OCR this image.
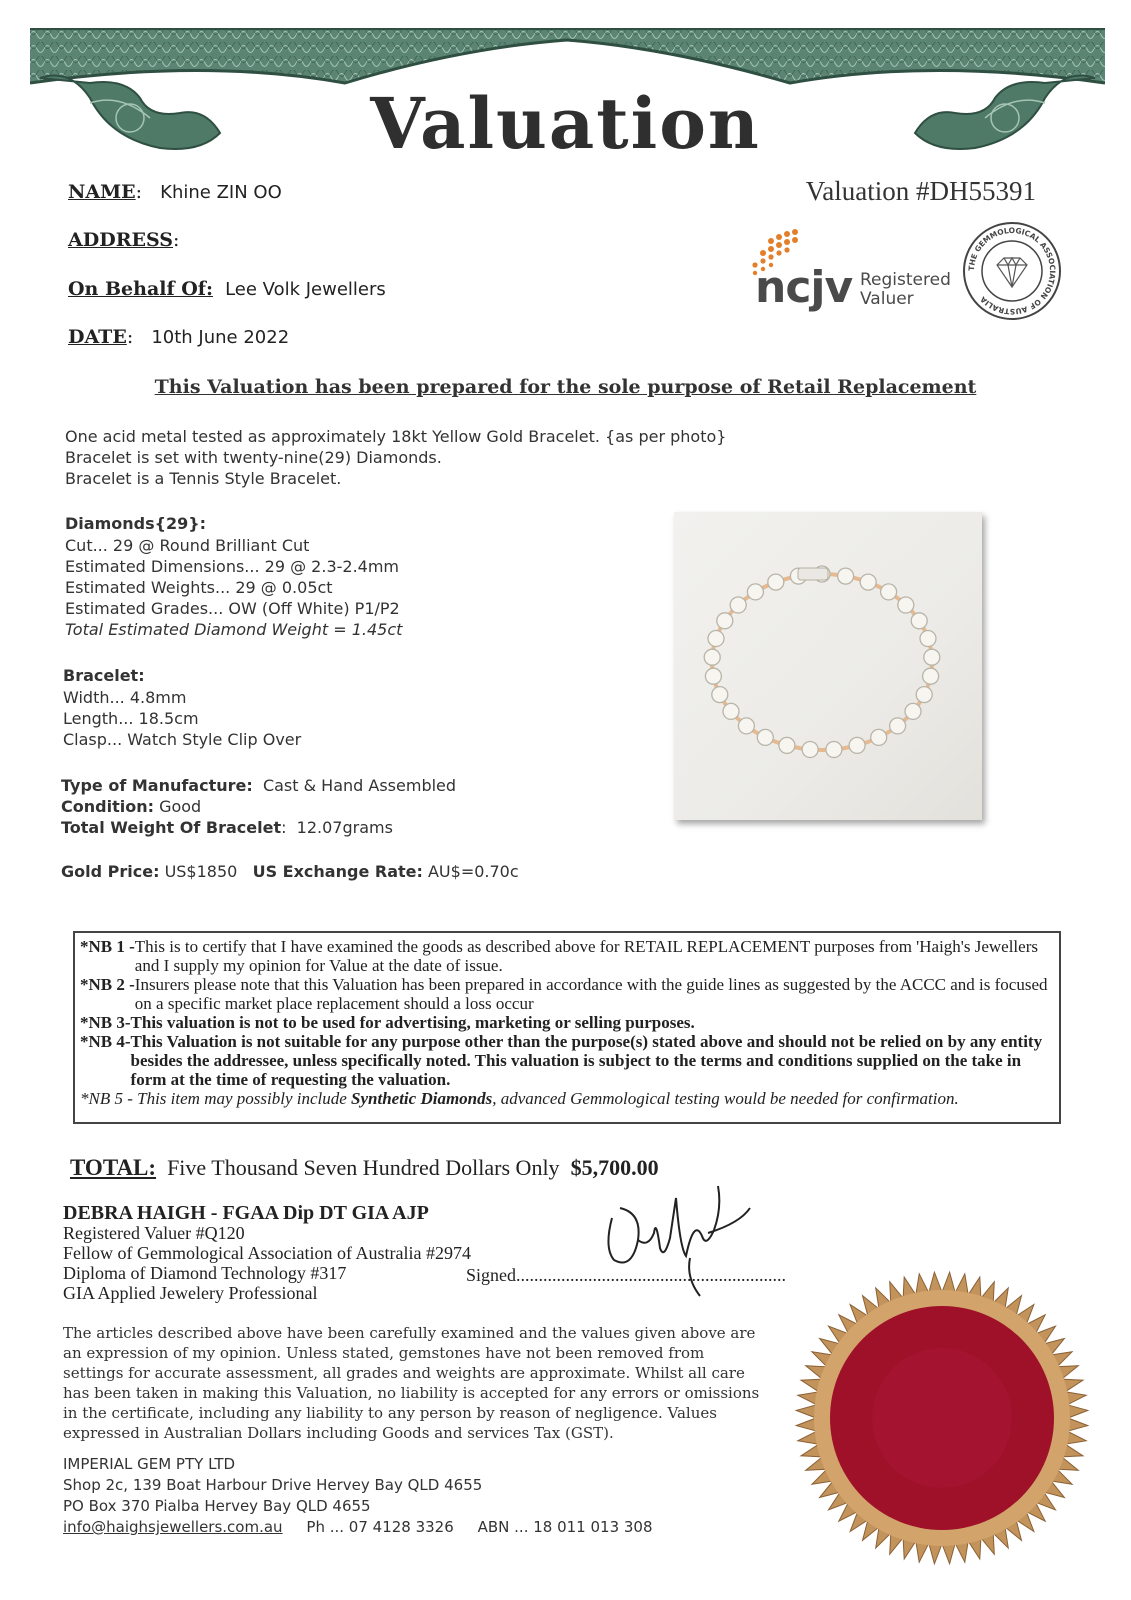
Valuation
NAME:   Khine ZIN OO
ADDRESS:
On Behalf Of: Lee Volk Jewellers
DATE:   10th June 2022
Valuation #DH55391
ncjv Registered
Valuer
THE GEMMOLOGICAL ASSOCIATION OF AUSTRALIA
This Valuation has been prepared for the sole purpose of Retail Replacement
One acid metal tested as approximately 18kt Yellow Gold Bracelet. {as per photo}
Bracelet is set with twenty-nine(29) Diamonds.
Bracelet is a Tennis Style Bracelet.
Diamonds{29}:
Cut... 29 @ Round Brilliant Cut
Estimated Dimensions... 29 @ 2.3-2.4mm
Estimated Weights... 29 @ 0.05ct
Estimated Grades... OW (Off White) P1/P2
Total Estimated Diamond Weight = 1.45ct
Bracelet:
Width... 4.8mm
Length... 18.5cm
Clasp... Watch Style Clip Over
Type of Manufacture: Cast & Hand Assembled
Condition: Good
Total Weight Of Bracelet:  12.07grams
Gold Price: US$1850 US Exchange Rate: AU$=0.70c
*NB 1 - This is to certify that I have examined the goods as described above for RETAIL REPLACEMENT purposes from 'Haigh's Jewellers and I supply my opinion for Value at the date of issue.
*NB 2 - Insurers please note that this Valuation has been prepared in accordance with the guide lines as suggested by the ACCC and is focused on a specific market place replacement should a loss occur
*NB 3- This valuation is not to be used for advertising, marketing or selling purposes.
*NB 4- This Valuation is not suitable for any purpose other than the purpose(s) stated above and should not be relied on by any entity besides the addressee, unless specifically noted. This valuation is subject to the terms and conditions supplied on the take in form at the time of requesting the valuation.
*NB 5 - This item may possibly include Synthetic Diamonds, advanced Gemmological testing would be needed for confirmation.
TOTAL: Five Thousand Seven Hundred Dollars Only $5,700.00
DEBRA HAIGH - FGAA Dip DT GIA AJP
Registered Valuer #Q120
Fellow of Gemmological Association of Australia #2974
Diploma of Diamond Technology #317
GIA Applied Jewelery Professional
Signed............................................................
The articles described above have been carefully examined and the values given above are an expression of my opinion. Unless stated, gemstones have not been removed from settings for accurate assessment, all grades and weights are approximate. Whilst all care has been taken in making this Valuation, no liability is accepted for any errors or omissions in the certificate, including any liability to any person by reason of negligence. Values expressed in Australian Dollars including Goods and services Tax (GST).
IMPERIAL GEM PTY LTD
Shop 2c, 139 Boat Harbour Drive Hervey Bay QLD 4655
PO Box 370 Pialba Hervey Bay QLD 4655
info@haighsjewellers.com.au Ph ... 07 4128 3326 ABN ... 18 011 013 308
